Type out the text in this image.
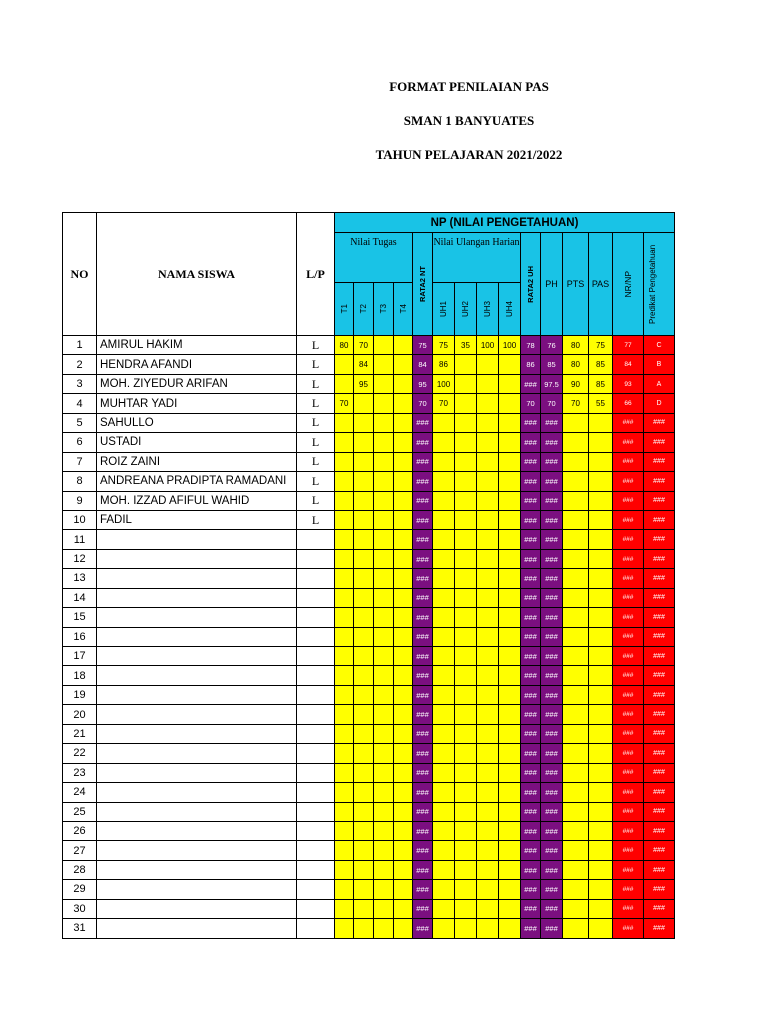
FORMAT PENILAIAN PAS
SMAN 1 BANYUATES
TAHUN PELAJARAN 2021/2022
NO	NAMA SISWA	L/P	NP (NILAI PENGETAHUAN)														
			Nilai Tugas				RATA2 NT	Nilai Ulangan Harian				RATA2 UH	PH	PTS	PAS	NR/NP	Predikat Pengetahuan

			T1	T2	T3	T4		UH1	UH2	UH3	UH4						

1	AMIRUL HAKIM	L	80	70			75	75	35	100	100	78	76	80	75	77	C
2	HENDRA AFANDI	L		84			84	86				86	85	80	85	84	B
3	MOH. ZIYEDUR ARIFAN	L		95			95	100				###	97.5	90	85	93	A
4	MUHTAR YADI	L	70				70	70				70	70	70	55	66	D
5	SAHULLO	L					###					###	###			###	###
6	USTADI	L					###					###	###			###	###
7	ROIZ ZAINI	L					###					###	###			###	###
8	ANDREANA PRADIPTA RAMADANI	L					###					###	###			###	###
9	MOH. IZZAD AFIFUL WAHID	L					###					###	###			###	###
10	FADIL	L					###					###	###			###	###
11							###					###	###			###	###
12							###					###	###			###	###
13							###					###	###			###	###
14							###					###	###			###	###
15							###					###	###			###	###
16							###					###	###			###	###
17							###					###	###			###	###
18							###					###	###			###	###
19							###					###	###			###	###
20							###					###	###			###	###
21							###					###	###			###	###
22							###					###	###			###	###
23							###					###	###			###	###
24							###					###	###			###	###
25							###					###	###			###	###
26							###					###	###			###	###
27							###					###	###			###	###
28							###					###	###			###	###
29							###					###	###			###	###
30							###					###	###			###	###
31							###					###	###			###	###
